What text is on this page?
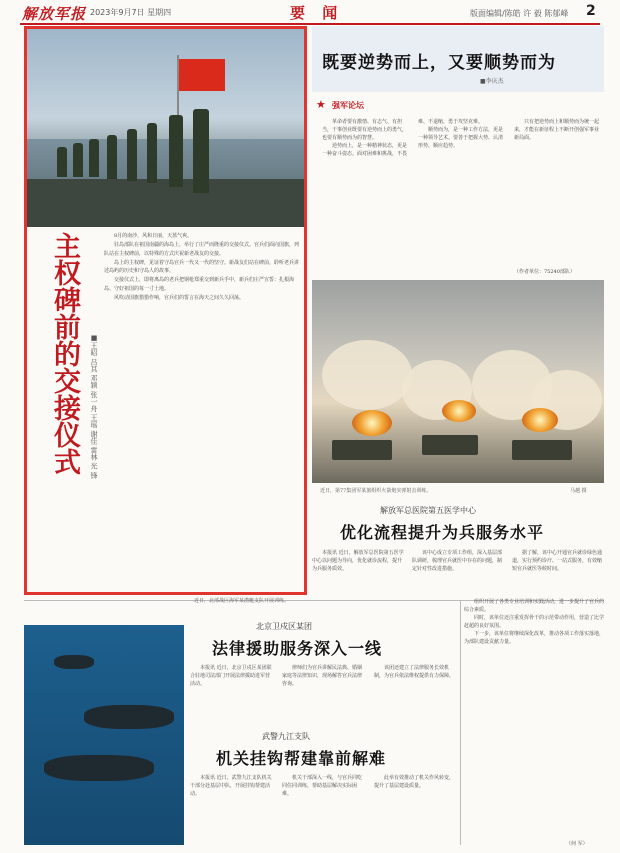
解放军报 2023年9月7日 星期四	要 闻	版面编辑/陈皓 许 毅 陈郁峰 2
主权碑前的交接仪式	■王昭 吕其 邓颖 张一舟 王瑶 谢佳 雷林 光 锋

8月的南沙，风和日丽，天蓝气爽。

驻岛部队在祖国南疆的海岛上，举行了庄严而隆重的交接仪式。官兵们面向国旗，列队站在主权碑前，以特殊的方式庆祝新老战友的交接。

岛上的主权碑，见证着守岛官兵一代又一代的坚守。新战友们站在碑前，聆听老兵讲述岛屿的历史和守岛人的故事。

交接仪式上，即将离岛的老兵把钢枪郑重交到新兵手中，新兵们庄严宣誓：扎根海岛、守好祖国的每一寸土地。

风吹动国旗猎猎作响，官兵们的誓言在海天之间久久回荡。

既要逆势而上，又要顺势而为
■李庆杰
★ 强军论坛

革命者要有激情、有志气、有担当，干事创业既要有逆势而上的勇气，也要有顺势而为的智慧。

逆势而上，是一种精神状态，更是一种奋斗姿态。面对困难和挑战，不畏难、不退缩，勇于攻坚克难。

顺势而为，是一种工作方法，更是一种领导艺术。要善于把握大势、认清形势、顺应趋势。

只有把逆势而上和顺势而为统一起来，才能在新征程上不断开创强军事业新局面。

（作者单位：75240部队）
近日，第77集团军某旅组织火箭炮实弹射击训练。	马越 摄
解放军总医院第五医学中心
优化流程提升为兵服务水平

本报讯 近日，解放军总医院第五医学中心以问题为导向，优化就诊流程，提升为兵服务质效。

该中心成立专项工作组，深入基层部队调研，梳理官兵就医中存在的问题，制定针对性改进措施。

据了解，该中心开通官兵就诊绿色通道，实行预约诊疗、一站式服务，有效缩短官兵就医等候时间。

近日，北部战区海军某潜艇支队开展训练。
北京卫戍区某团
法律援助服务深入一线

本报讯 近日，北京卫戍区某团联合驻地司法部门开展法律援助进军营活动。

律师们为官兵讲解民法典、婚姻家庭等法律知识，现场解答官兵法律咨询。

该团还建立了法律服务长效机制，为官兵依法维权提供有力保障。

武警九江支队
机关挂钩帮建靠前解难

本报讯 近日，武警九江支队机关干部分赴基层中队，开展挂钩帮建活动。

机关干部深入一线，与官兵同吃同住同训练，帮助基层解决实际困难。

此举有效推动了机关作风转变，提升了基层建设质量。

组织开展了各类专业培训和实践活动，进一步提升了官兵的综合素质。

同时，该单位还注重发挥骨干的示范带动作用，营造了比学赶超的良好氛围。

下一步，该单位将继续深化改革，推动各项工作落实落地，为部队建设贡献力量。

（何 军）
